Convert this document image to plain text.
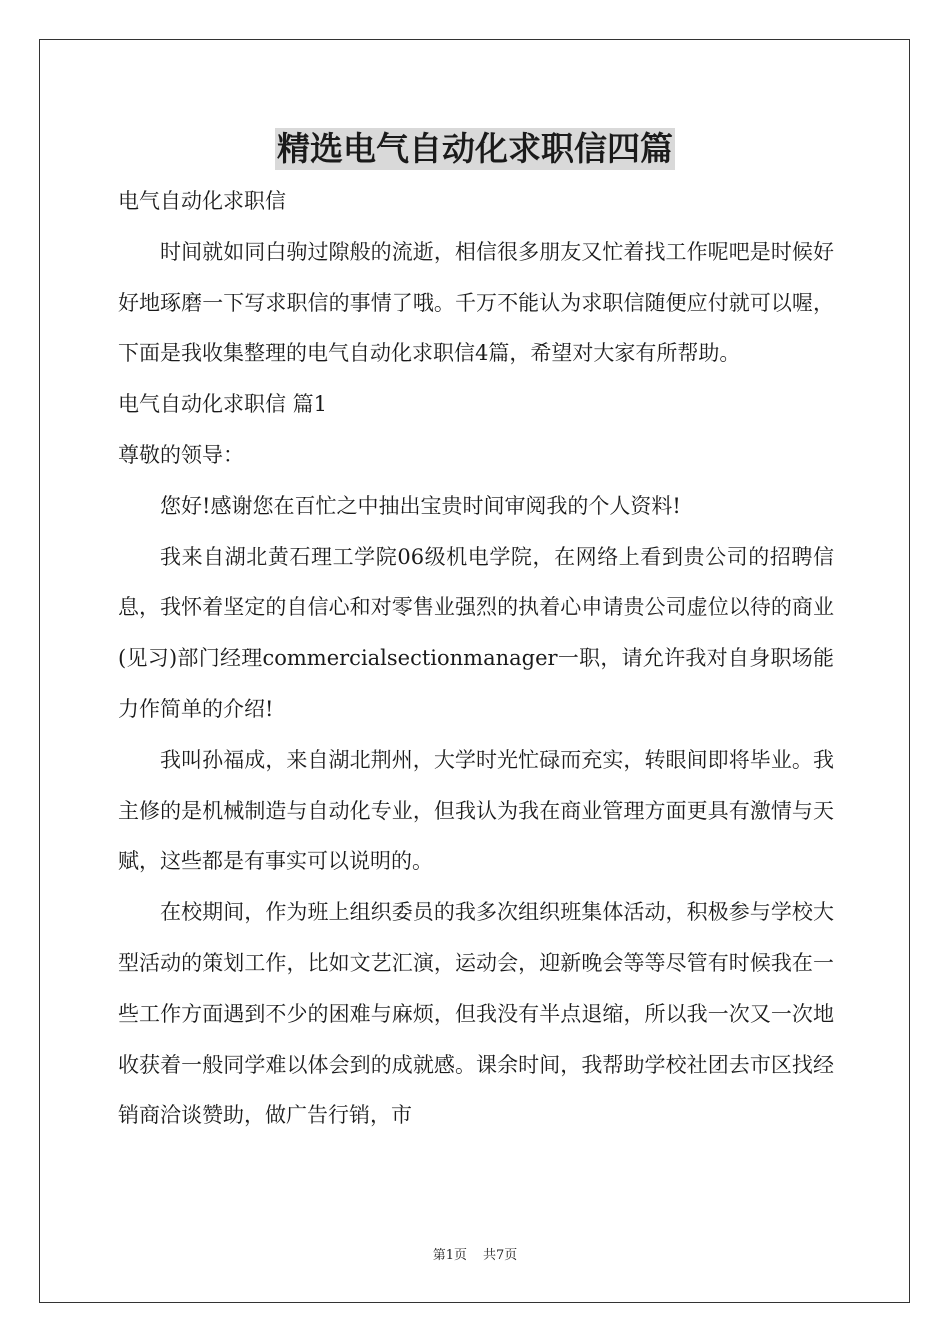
精选电气自动化求职信四篇

电气自动化求职信

时间就如同白驹过隙般的流逝，相信很多朋友又忙着找工作呢吧是时候好好地琢磨一下写求职信的事情了哦。千万不能认为求职信随便应付就可以喔，下面是我收集整理的电气自动化求职信4篇，希望对大家有所帮助。

电气自动化求职信 篇1

尊敬的领导：

您好!感谢您在百忙之中抽出宝贵时间审阅我的个人资料!

我来自湖北黄石理工学院06级机电学院，在网络上看到贵公司的招聘信息，我怀着坚定的自信心和对零售业强烈的执着心申请贵公司虚位以待的商业(见习)部门经理commercialsectionmanager一职，请允许我对自身职场能力作简单的介绍!

我叫孙福成，来自湖北荆州，大学时光忙碌而充实，转眼间即将毕业。我主修的是机械制造与自动化专业，但我认为我在商业管理方面更具有激情与天赋，这些都是有事实可以说明的。

在校期间，作为班上组织委员的我多次组织班集体活动，积极参与学校大型活动的策划工作，比如文艺汇演，运动会，迎新晚会等等尽管有时候我在一些工作方面遇到不少的困难与麻烦，但我没有半点退缩，所以我一次又一次地收获着一般同学难以体会到的成就感。课余时间，我帮助学校社团去市区找经销商洽谈赞助，做广告行销，市

第1页 共7页
